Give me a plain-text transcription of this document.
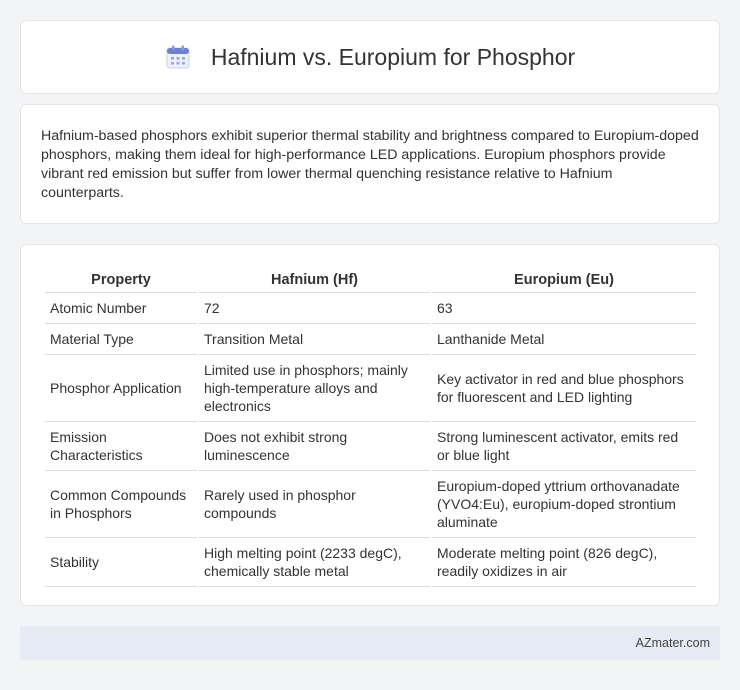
Hafnium vs. Europium for Phosphor

Hafnium-based phosphors exhibit superior thermal stability and brightness compared to Europium-doped phosphors, making them ideal for high-performance LED applications. Europium phosphors provide vibrant red emission but suffer from lower thermal quenching resistance relative to Hafnium counterparts.

Property	Hafnium (Hf)	Europium (Eu)
Atomic Number	72	63
Material Type	Transition Metal	Lanthanide Metal
Phosphor Application	Limited use in phosphors; mainly high-temperature alloys and electronics	Key activator in red and blue phosphors for fluorescent and LED lighting
Emission Characteristics	Does not exhibit strong luminescence	Strong luminescent activator, emits red or blue light
Common Compounds in Phosphors	Rarely used in phosphor compounds	Europium-doped yttrium orthovanadate (YVO4:Eu), europium-doped strontium aluminate
Stability	High melting point (2233 degC), chemically stable metal	Moderate melting point (826 degC), readily oxidizes in air
AZmater.com
